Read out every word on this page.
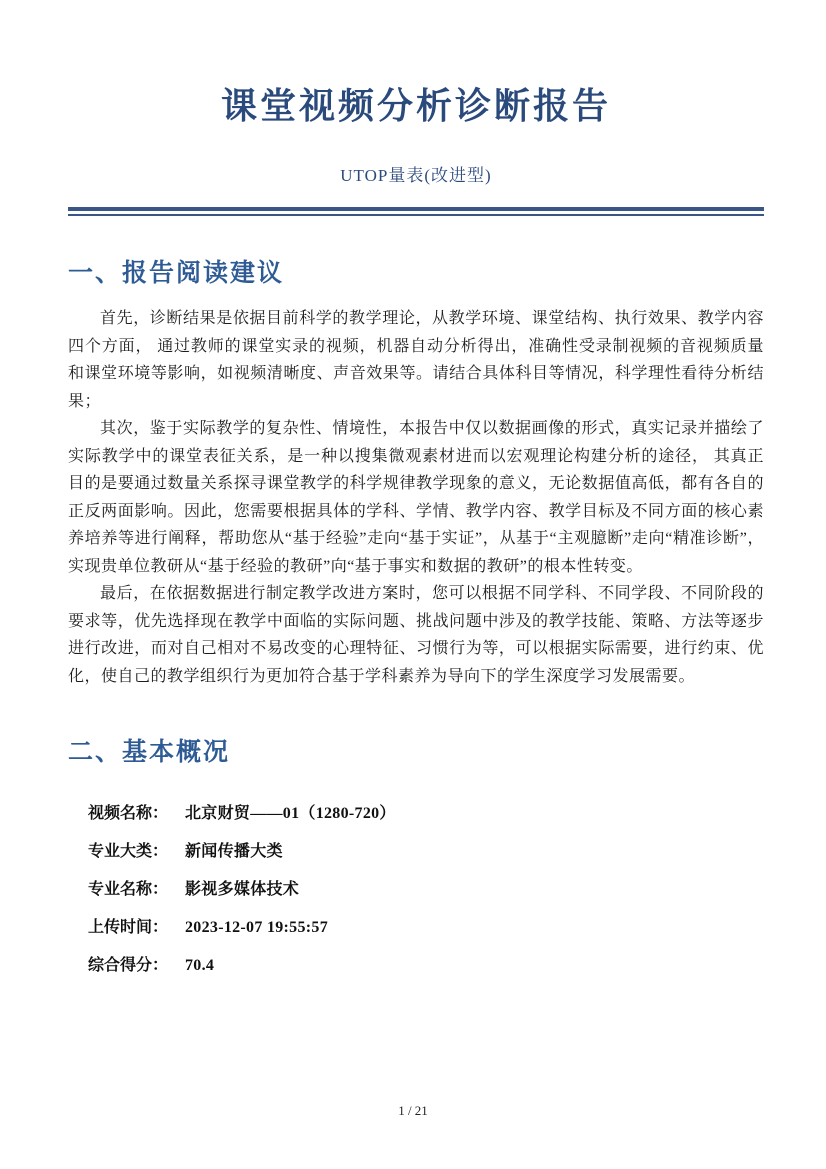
课堂视频分析诊断报告
UTOP量表(改进型)
一、报告阅读建议

首先，诊断结果是依据目前科学的教学理论，从教学环境、课堂结构、执行效果、教学内容四个方面， 通过教师的课堂实录的视频，机器自动分析得出，准确性受录制视频的音视频质量和课堂环境等影响，如视频清晰度、声音效果等。请结合具体科目等情况，科学理性看待分析结果；

其次，鉴于实际教学的复杂性、情境性，本报告中仅以数据画像的形式，真实记录并描绘了实际教学中的课堂表征关系，是一种以搜集微观素材进而以宏观理论构建分析的途径， 其真正目的是要通过数量关系探寻课堂教学的科学规律教学现象的意义，无论数据值高低，都有各自的正反两面影响。因此，您需要根据具体的学科、学情、教学内容、教学目标及不同方面的核心素养培养等进行阐释，帮助您从“基于经验”走向“基于实证”，从基于“主观臆断”走向“精准诊断”， 实现贵单位教研从“基于经验的教研”向“基于事实和数据的教研”的根本性转变。

最后，在依据数据进行制定教学改进方案时，您可以根据不同学科、不同学段、不同阶段的要求等，优先选择现在教学中面临的实际问题、挑战问题中涉及的教学技能、策略、方法等逐步进行改进，而对自己相对不易改变的心理特征、习惯行为等，可以根据实际需要，进行约束、优化，使自己的教学组织行为更加符合基于学科素养为导向下的学生深度学习发展需要。

二、基本概况
视频名称：	北京财贸——01（1280-720）
专业大类：	新闻传播大类
专业名称：	影视多媒体技术
上传时间：	2023-12-07 19:55:57
综合得分：	70.4
1 / 21
